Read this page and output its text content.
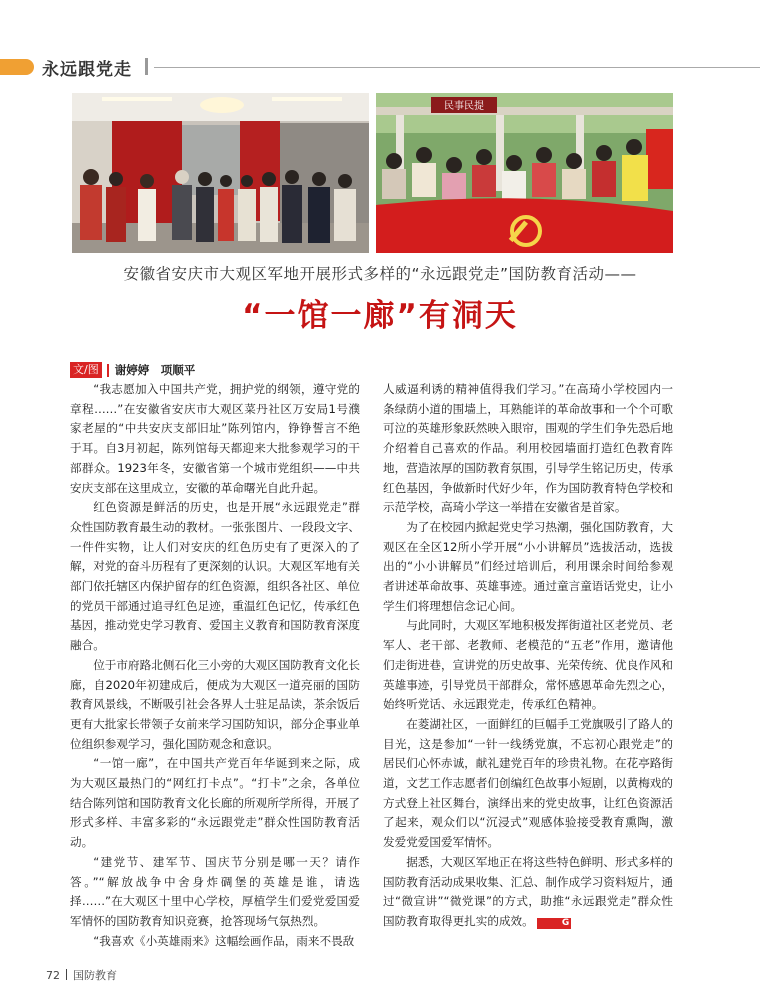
永远跟党走
民事民提
安徽省安庆市大观区军地开展形式多样的“永远跟党走”国防教育活动——
“一馆一廊”有洞天
文/图 谢婷婷　项顺平

“我志愿加入中国共产党，拥护党的纲领，遵守党的章程……”在安徽省安庆市大观区菜丹社区万安局1号濮家老屋的“中共安庆支部旧址”陈列馆内，铮铮誓言不绝于耳。自3月初起，陈列馆每天都迎来大批参观学习的干部群众。1923年冬，安徽省第一个城市党组织——中共安庆支部在这里成立，安徽的革命曙光自此升起。

红色资源是鲜活的历史，也是开展“永远跟党走”群众性国防教育最生动的教材。一张张图片、一段段文字、一件件实物，让人们对安庆的红色历史有了更深入的了解，对党的奋斗历程有了更深刻的认识。大观区军地有关部门依托辖区内保护留存的红色资源，组织各社区、单位的党员干部通过追寻红色足迹，重温红色记忆，传承红色基因，推动党史学习教育、爱国主义教育和国防教育深度融合。

位于市府路北侧石化三小旁的大观区国防教育文化长廊，自2020年初建成后，便成为大观区一道亮丽的国防教育风景线，不断吸引社会各界人士驻足品读，茶余饭后更有大批家长带领子女前来学习国防知识，部分企事业单位组织参观学习，强化国防观念和意识。

“一馆一廊”，在中国共产党百年华诞到来之际，成为大观区最热门的“网红打卡点”。“打卡”之余，各单位结合陈列馆和国防教育文化长廊的所观所学所得，开展了形式多样、丰富多彩的“永远跟党走”群众性国防教育活动。

“建党节、建军节、国庆节分别是哪一天？请作答。”“解放战争中舍身炸碉堡的英雄是谁，请选择……”在大观区十里中心学校，厚植学生们爱党爱国爱军情怀的国防教育知识竞赛，抢答现场气氛热烈。

“我喜欢《小英雄雨来》这幅绘画作品，雨来不畏敌

人威逼利诱的精神值得我们学习。”在高琦小学校园内一条绿荫小道的围墙上，耳熟能详的革命故事和一个个可歌可泣的英雄形象跃然映入眼帘，围观的学生们争先恐后地介绍着自己喜欢的作品。利用校园墙面打造红色教育阵地，营造浓厚的国防教育氛围，引导学生铭记历史，传承红色基因，争做新时代好少年，作为国防教育特色学校和示范学校，高琦小学这一举措在安徽省是首家。

为了在校园内掀起党史学习热潮，强化国防教育，大观区在全区12所小学开展“小小讲解员”选拔活动，选拔出的“小小讲解员”们经过培训后，利用课余时间给参观者讲述革命故事、英雄事迹。通过童言童语话党史，让小学生们将理想信念记心间。

与此同时，大观区军地积极发挥街道社区老党员、老军人、老干部、老教师、老模范的“五老”作用，邀请他们走街进巷，宣讲党的历史故事、光荣传统、优良作风和英雄事迹，引导党员干部群众，常怀感恩革命先烈之心，始终听党话、永远跟党走，传承红色精神。

在菱湖社区，一面鲜红的巨幅手工党旗吸引了路人的目光，这是参加“一针一线绣党旗，不忘初心跟党走”的居民们心怀赤诚，献礼建党百年的珍贵礼物。在花亭路街道，文艺工作志愿者们创编红色故事小短剧，以黄梅戏的方式登上社区舞台，演绎出来的党史故事，让红色资源活了起来，观众们以“沉浸式”观感体验接受教育熏陶，激发爱党爱国爱军情怀。

据悉，大观区军地正在将这些特色鲜明、形式多样的国防教育活动成果收集、汇总、制作成学习资料短片，通过“微宣讲”“微党课”的方式，助推“永远跟党走”群众性国防教育取得更扎实的成效。	G

72 国防教育
